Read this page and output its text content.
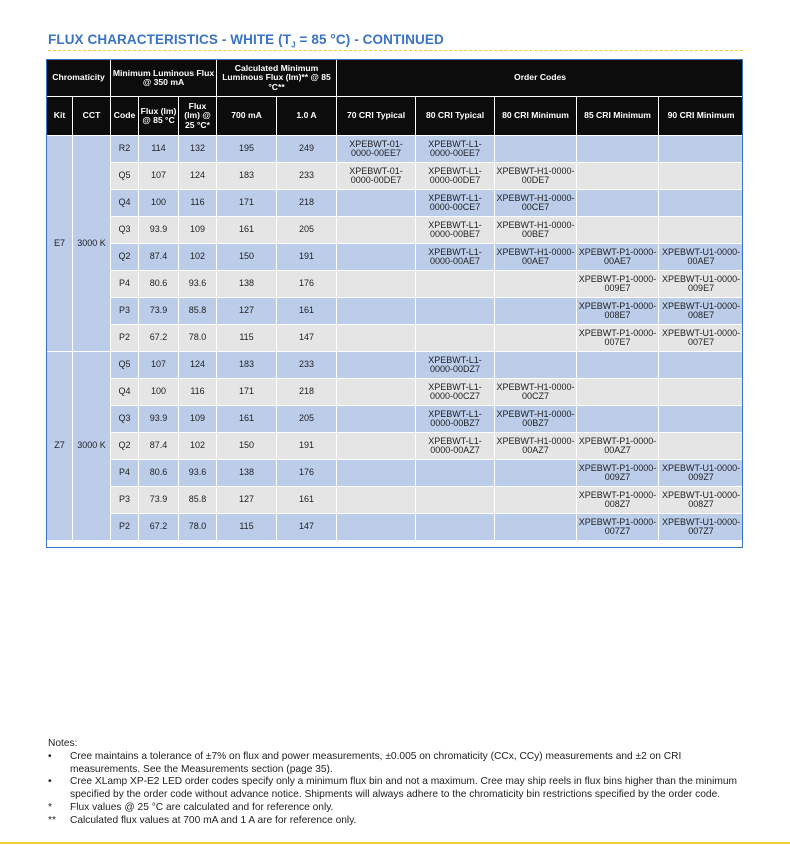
FLUX CHARACTERISTICS - WHITE ($T_J = 85$ °C) - CONTINUED
Chromaticity		Minimum Luminous Flux @ 350 mA			Calculated Minimum Luminous Flux (lm)** @ 85 °C**		Order Codes				
Kit	CCT	Code	Flux (lm) @ 85 °C	Flux (lm) @ 25 °C*	700 mA	1.0 A	70 CRI Typical	80 CRI Typical	80 CRI Minimum	85 CRI Minimum	90 CRI Minimum
E7	3000 K	R2	114	132	195	249	XPEBWT-01-0000-00EE7	XPEBWT-L1-0000-00EE7			
		Q5	107	124	183	233	XPEBWT-01-0000-00DE7	XPEBWT-L1-0000-00DE7	XPEBWT-H1-0000-00DE7		
		Q4	100	116	171	218		XPEBWT-L1-0000-00CE7	XPEBWT-H1-0000-00CE7		
		Q3	93.9	109	161	205		XPEBWT-L1-0000-00BE7	XPEBWT-H1-0000-00BE7		
		Q2	87.4	102	150	191		XPEBWT-L1-0000-00AE7	XPEBWT-H1-0000-00AE7	XPEBWT-P1-0000-00AE7	XPEBWT-U1-0000-00AE7
		P4	80.6	93.6	138	176				XPEBWT-P1-0000-009E7	XPEBWT-U1-0000-009E7
		P3	73.9	85.8	127	161				XPEBWT-P1-0000-008E7	XPEBWT-U1-0000-008E7
		P2	67.2	78.0	115	147				XPEBWT-P1-0000-007E7	XPEBWT-U1-0000-007E7
Z7	3000 K	Q5	107	124	183	233		XPEBWT-L1-0000-00DZ7			
		Q4	100	116	171	218		XPEBWT-L1-0000-00CZ7	XPEBWT-H1-0000-00CZ7		
		Q3	93.9	109	161	205		XPEBWT-L1-0000-00BZ7	XPEBWT-H1-0000-00BZ7		
		Q2	87.4	102	150	191		XPEBWT-L1-0000-00AZ7	XPEBWT-H1-0000-00AZ7	XPEBWT-P1-0000-00AZ7	
		P4	80.6	93.6	138	176				XPEBWT-P1-0000-009Z7	XPEBWT-U1-0000-009Z7
		P3	73.9	85.8	127	161				XPEBWT-P1-0000-008Z7	XPEBWT-U1-0000-008Z7
		P2	67.2	78.0	115	147				XPEBWT-P1-0000-007Z7	XPEBWT-U1-0000-007Z7
Notes:
•	Cree maintains a tolerance of ±7% on flux and power measurements, ±0.005 on chromaticity (CCx, CCy) measurements and ±2 on CRI measurements. See the Measurements section (page 35).
•	Cree XLamp XP-E2 LED order codes specify only a minimum flux bin and not a maximum. Cree may ship reels in flux bins higher than the minimum specified by the order code without advance notice. Shipments will always adhere to the chromaticity bin restrictions specified by the order code.
*	Flux values @ 25 °C are calculated and for reference only.
**	Calculated flux values at 700 mA and 1 A are for reference only.
